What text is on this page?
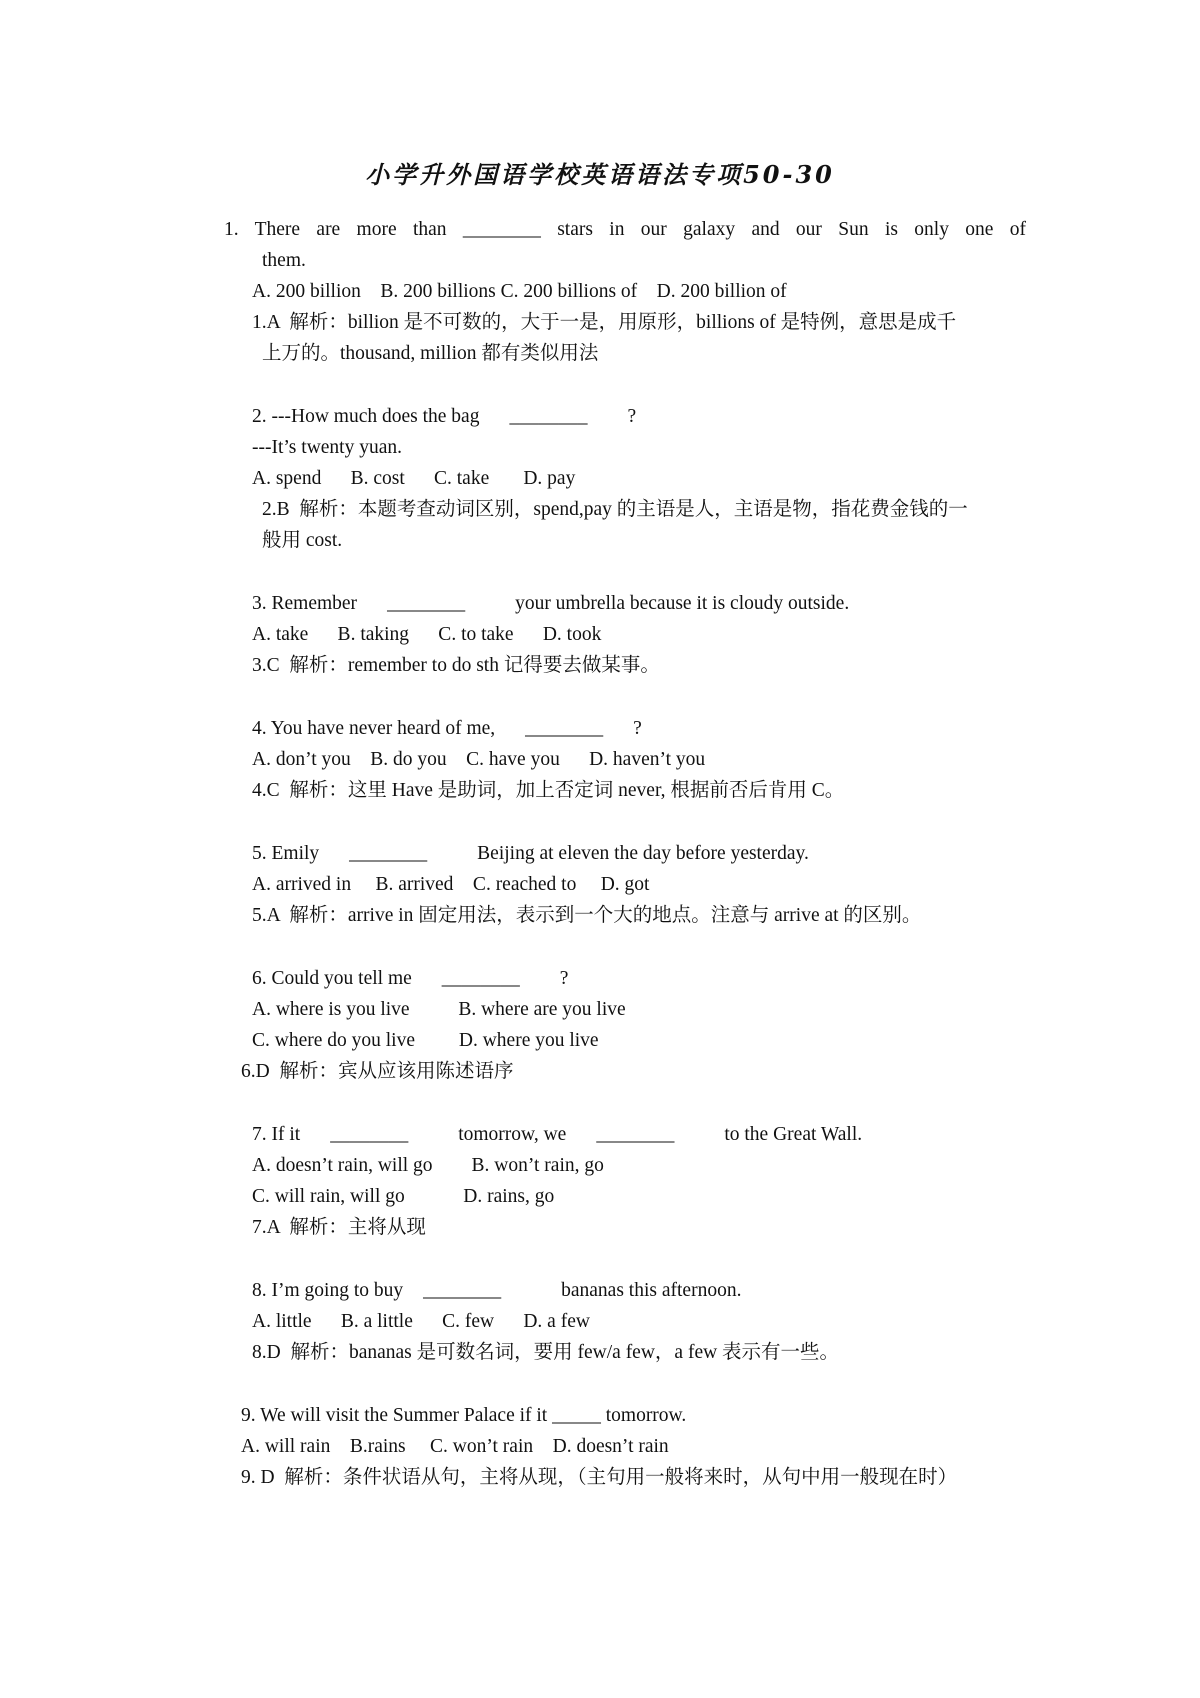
小学升外国语学校英语语法专项50-30
1. There are more than ________ stars in our galaxy and our Sun is only one of
them.
A. 200 billion    B. 200 billions C. 200 billions of    D. 200 billion of
1.A  解析：billion 是不可数的，大于一是，用原形，billions of 是特例，意思是成千
上万的。thousand, million 都有类似用法
2. ---How much does the bag ________ ?
---It’s twenty yuan.
A. spend      B. cost      C. take       D. pay
2.B  解析：本题考查动词区别，spend,pay 的主语是人，主语是物，指花费金钱的一
般用 cost.
3. Remember ________	your umbrella because it is cloudy outside.
A. take      B. taking      C. to take      D. took
3.C  解析：remember to do sth 记得要去做某事。
4. You have never heard of me, ________ ?
A. don’t you    B. do you    C. have you      D. haven’t you
4.C  解析：这里 Have 是助词，加上否定词 never, 根据前否后肯用 C。
5. Emily ________	Beijing at eleven the day before yesterday.
A. arrived in     B. arrived    C. reached to     D. got
5.A  解析：arrive in 固定用法，表示到一个大的地点。注意与 arrive at 的区别。
6. Could you tell me ________ ?
A. where is you live          B. where are you live
C. where do you live         D. where you live
6.D  解析：宾从应该用陈述语序
7. If it ________	tomorrow, we ________	to the Great Wall.
A. doesn’t rain, will go        B. won’t rain, go
C. will rain, will go            D. rains, go
7.A  解析：主将从现
8. I’m going to buy ________	bananas this afternoon.
A. little      B. a little      C. few      D. a few
8.D  解析：bananas 是可数名词，要用 few/a few，a few 表示有一些。
9. We will visit the Summer Palace if it _____ tomorrow.
A. will rain    B.rains     C. won’t rain    D. doesn’t rain
9. D  解析：条件状语从句，主将从现，（主句用一般将来时，从句中用一般现在时）
